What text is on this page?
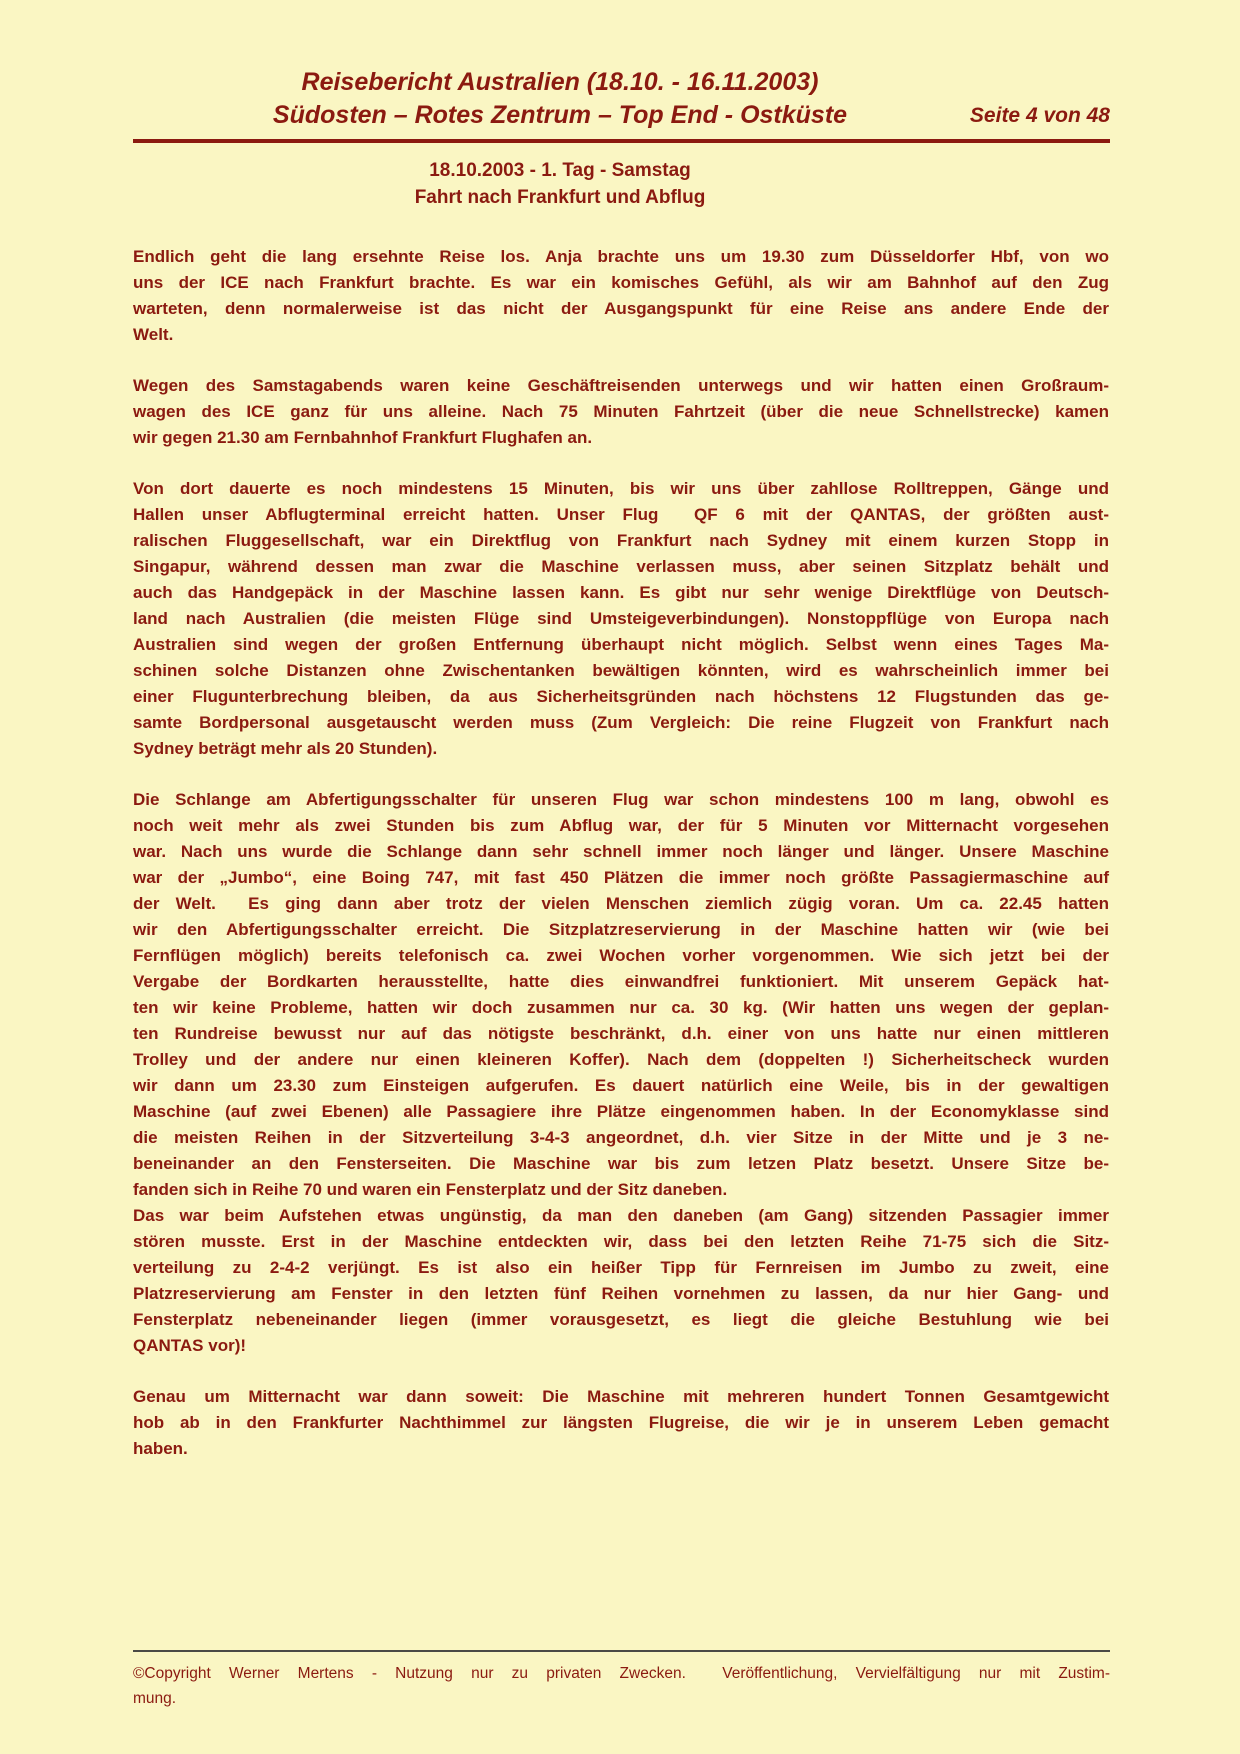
Reisebericht Australien (18.10. - 16.11.2003)
Südosten – Rotes Zentrum – Top End - Ostküste	Seite 4 von 48
18.10.2003 - 1. Tag - Samstag
Fahrt nach Frankfurt und Abflug
Endlich geht die lang ersehnte Reise los. Anja brachte uns um 19.30 zum Düsseldorfer Hbf, von wo
uns der ICE nach Frankfurt brachte. Es war ein komisches Gefühl, als wir am Bahnhof auf den Zug
warteten, denn normalerweise ist das nicht der Ausgangspunkt für eine Reise ans andere Ende der
Welt.
Wegen des Samstagabends waren keine Geschäftreisenden unterwegs und wir hatten einen Großraum-
wagen des ICE ganz für uns alleine. Nach 75 Minuten Fahrtzeit (über die neue Schnellstrecke) kamen
wir gegen 21.30 am Fernbahnhof Frankfurt Flughafen an.
Von dort dauerte es noch mindestens 15 Minuten, bis wir uns über zahllose Rolltreppen, Gänge und
Hallen unser Abflugterminal erreicht hatten. Unser Flug  QF 6 mit der QANTAS, der größten aust-
ralischen Fluggesellschaft, war ein Direktflug von Frankfurt nach Sydney mit einem kurzen Stopp in
Singapur, während dessen man zwar die Maschine verlassen muss, aber seinen Sitzplatz behält und
auch das Handgepäck in der Maschine lassen kann. Es gibt nur sehr wenige Direktflüge von Deutsch-
land nach Australien (die meisten Flüge sind Umsteigeverbindungen). Nonstoppflüge von Europa nach
Australien sind wegen der großen Entfernung überhaupt nicht möglich. Selbst wenn eines Tages Ma-
schinen solche Distanzen ohne Zwischentanken bewältigen könnten, wird es wahrscheinlich immer bei
einer Flugunterbrechung bleiben, da aus Sicherheitsgründen nach höchstens 12 Flugstunden das ge-
samte Bordpersonal ausgetauscht werden muss (Zum Vergleich: Die reine Flugzeit von Frankfurt nach
Sydney beträgt mehr als 20 Stunden).
Die Schlange am Abfertigungsschalter für unseren Flug war schon mindestens 100 m lang, obwohl es
noch weit mehr als zwei Stunden bis zum Abflug war, der für 5 Minuten vor Mitternacht vorgesehen
war. Nach uns wurde die Schlange dann sehr schnell immer noch länger und länger. Unsere Maschine
war der „Jumbo“, eine Boing 747, mit fast 450 Plätzen die immer noch größte Passagiermaschine auf
der Welt.  Es ging dann aber trotz der vielen Menschen ziemlich zügig voran. Um ca. 22.45 hatten
wir den Abfertigungsschalter erreicht. Die Sitzplatzreservierung in der Maschine hatten wir (wie bei
Fernflügen möglich) bereits telefonisch ca. zwei Wochen vorher vorgenommen. Wie sich jetzt bei der
Vergabe der Bordkarten herausstellte, hatte dies einwandfrei funktioniert. Mit unserem Gepäck hat-
ten wir keine Probleme, hatten wir doch zusammen nur ca. 30 kg. (Wir hatten uns wegen der geplan-
ten Rundreise bewusst nur auf das nötigste beschränkt, d.h. einer von uns hatte nur einen mittleren
Trolley und der andere nur einen kleineren Koffer). Nach dem (doppelten !) Sicherheitscheck wurden
wir dann um 23.30 zum Einsteigen aufgerufen. Es dauert natürlich eine Weile, bis in der gewaltigen
Maschine (auf zwei Ebenen) alle Passagiere ihre Plätze eingenommen haben. In der Economyklasse sind
die meisten Reihen in der Sitzverteilung 3-4-3 angeordnet, d.h. vier Sitze in der Mitte und je 3 ne-
beneinander an den Fensterseiten. Die Maschine war bis zum letzen Platz besetzt. Unsere Sitze be-
fanden sich in Reihe 70 und waren ein Fensterplatz und der Sitz daneben.
Das war beim Aufstehen etwas ungünstig, da man den daneben (am Gang) sitzenden Passagier immer
stören musste. Erst in der Maschine entdeckten wir, dass bei den letzten Reihe 71-75 sich die Sitz-
verteilung zu 2-4-2 verjüngt. Es ist also ein heißer Tipp für Fernreisen im Jumbo zu zweit, eine
Platzreservierung am Fenster in den letzten fünf Reihen vornehmen zu lassen, da nur hier Gang- und
Fensterplatz nebeneinander liegen (immer vorausgesetzt, es liegt die gleiche Bestuhlung wie bei
QANTAS vor)!
Genau um Mitternacht war dann soweit: Die Maschine mit mehreren hundert Tonnen Gesamtgewicht
hob ab in den Frankfurter Nachthimmel zur längsten Flugreise, die wir je in unserem Leben gemacht
haben.
©Copyright Werner Mertens - Nutzung nur zu privaten Zwecken.  Veröffentlichung, Vervielfältigung nur mit Zustim-
mung.
